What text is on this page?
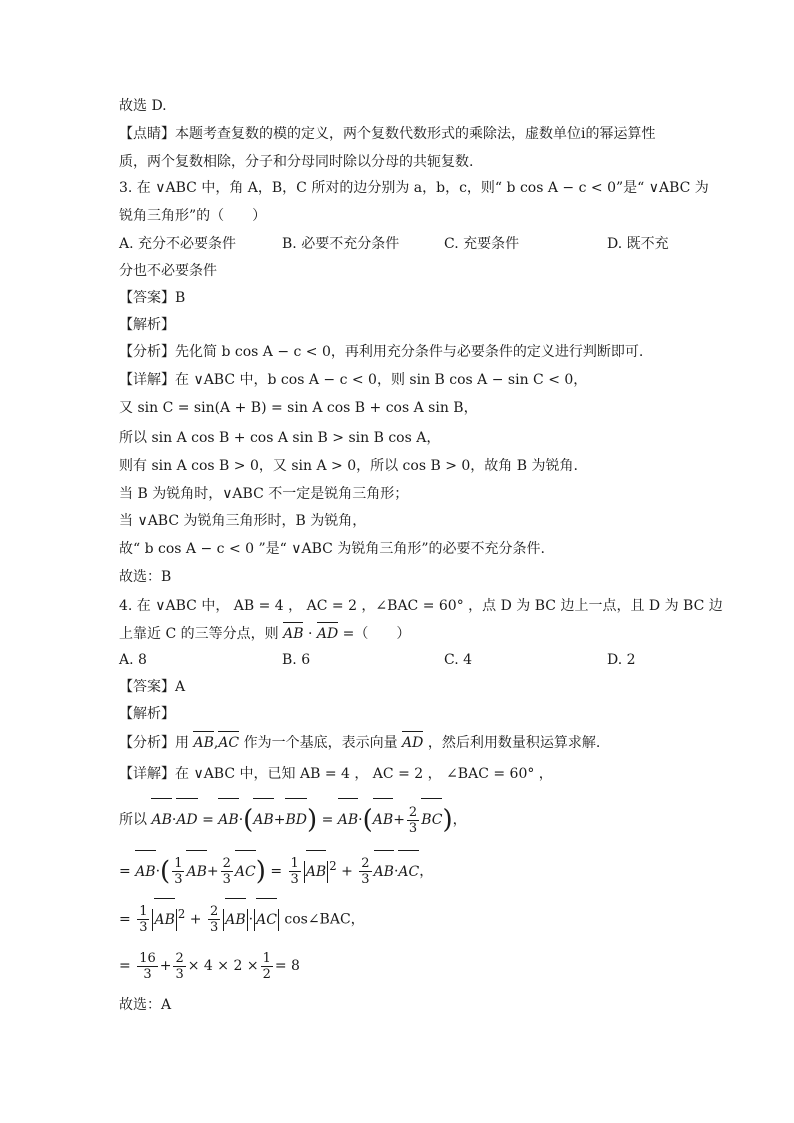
故选 D.
【点睛】本题考查复数的模的定义，两个复数代数形式的乘除法，虚数单位i的幂运算性
质，两个复数相除，分子和分母同时除以分母的共轭复数.
3. 在 ∨ABC 中，角 A，B，C 所对的边分别为 a，b，c，则“ b cos A − c < 0”是“ ∨ABC 为
锐角三角形”的（　　）
A. 充分不必要条件	B. 必要不充分条件	C. 充要条件	D. 既不充
分也不必要条件
【答案】B
【解析】
【分析】先化简 b cos A − c < 0，再利用充分条件与必要条件的定义进行判断即可.
【详解】在 ∨ABC 中，b cos A − c < 0，则 sin B cos A − sin C < 0，
又 sin C = sin(A + B) = sin A cos B + cos A sin B，
所以 sin A cos B + cos A sin B > sin B cos A，
则有 sin A cos B > 0，又 sin A > 0，所以 cos B > 0，故角 B 为锐角.
当 B 为锐角时，∨ABC 不一定是锐角三角形；
当 ∨ABC 为锐角三角形时，B 为锐角，
故“ b cos A − c < 0 ”是“ ∨ABC 为锐角三角形”的必要不充分条件.
故选：B
4. 在 ∨ABC 中， AB = 4 ， AC = 2 ，∠BAC = 60° ，点 D 为 BC 边上一点，且 D 为 BC 边
上靠近 C 的三等分点，则 AB · AD =（　　）
A. 8	B. 6	C. 4	D. 2
【答案】A
【解析】
【分析】用 AB,AC 作为一个基底，表示向量 AD ，然后利用数量积运算求解.
【详解】在 ∨ABC 中，已知 AB = 4 ， AC = 2 ， ∠BAC = 60° ，
所以 $AB\cdot AD = AB\cdot(AB+BD) = AB\cdot(AB+ \frac{2}{3} BC)$，
= $AB\cdot( \frac{1}{3} AB+ \frac{2}{3} AC) = \frac{1}{3}$ AB $^2 + \frac{2}{3} AB\cdot AC$，
= $\frac{1}{3}$ AB $^2 + \frac{2}{3}$ AB · AC cos∠BAC，
= $\frac{16}{3} + \frac{2}{3} \times 4 \times 2 \times \frac{1}{2} = 8$
故选：A
